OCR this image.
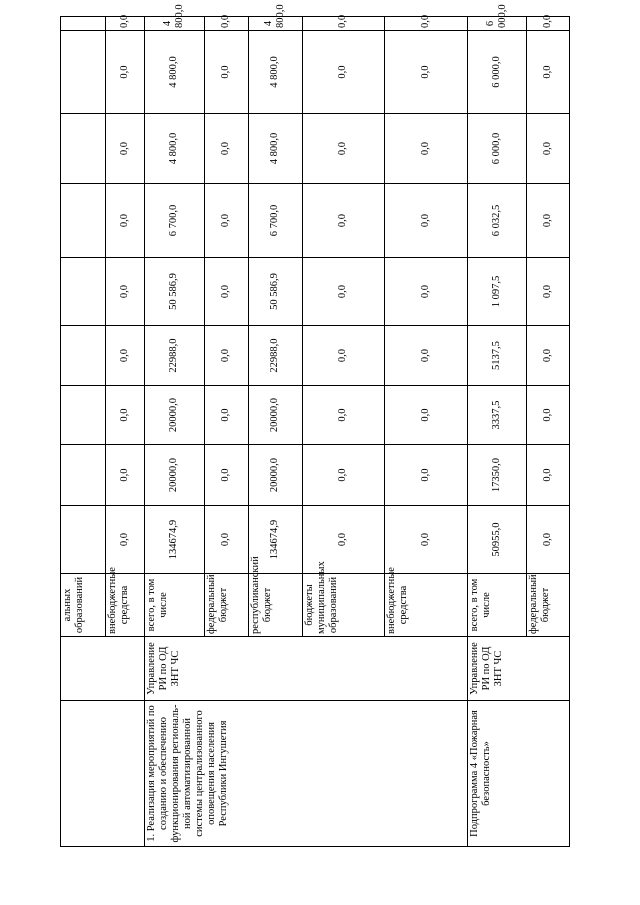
		альных образований										
		внебюджетные средства	0,0	0,0	0,0	0,0	0,0	0,0	0,0	0,0	0,0	
1. Реализация мероприятий по созданию и обеспечению функционирования региональ-ной автоматизированной системы централизованного оповещения населения Республики Ингушетия	Управление РИ по ОД ЗНТ ЧС	всего, в том числе	134674,9	20000,0	20000,0	22988,0	50 586,9	6 700,0	4 800,0	4 800,0	4 800,0	
		федеральный бюджет	0,0	0,0	0,0	0,0	0,0	0,0	0,0	0,0	0,0	
		республиканский бюджет	134674,9	20000,0	20000,0	22988,0	50 586,9	6 700,0	4 800,0	4 800,0	4 800,0	
		бюджеты муниципальных образований	0,0	0,0	0,0	0,0	0,0	0,0	0,0	0,0	0,0	
		внебюджетные средства	0,0	0,0	0,0	0,0	0,0	0,0	0,0	0,0	0,0	
Подпрограмма 4 «Пожарная безопасность»	Управление РИ по ОД ЗНТ ЧС	всего, в том числе	50955,0	17350,0	3337,5	5137,5	1 097,5	6 032,5	6 000,0	6 000,0	6 000,0	
		федеральный бюджет	0,0	0,0	0,0	0,0	0,0	0,0	0,0	0,0	0,0	
